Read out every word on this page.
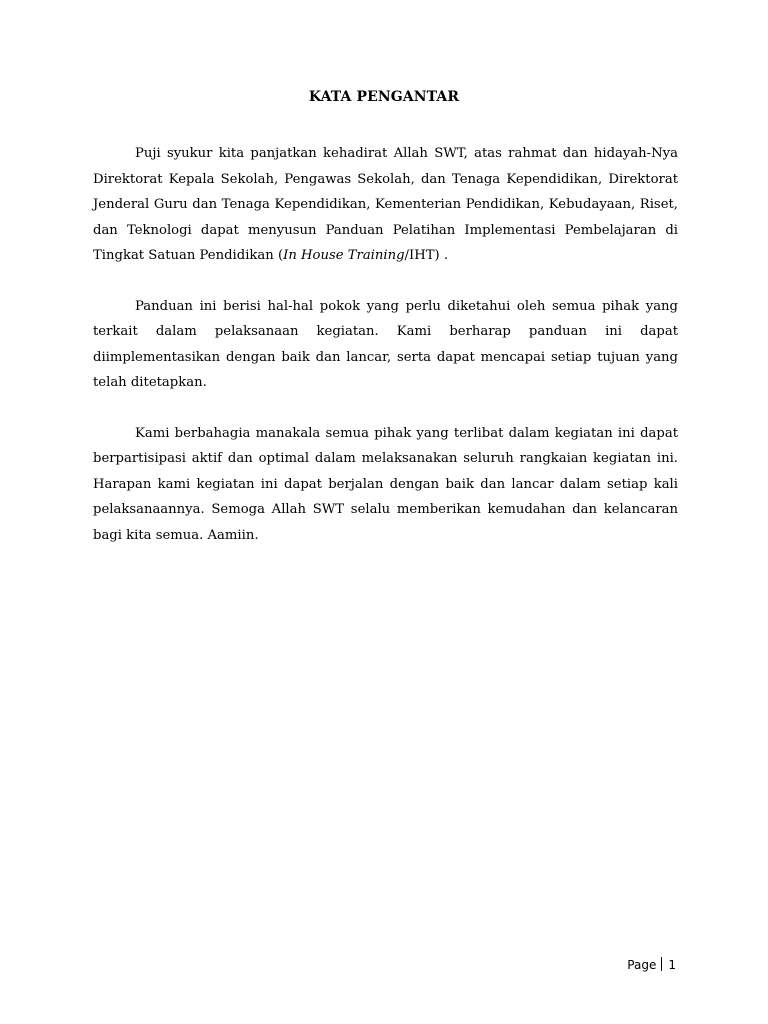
KATA PENGANTAR

Puji syukur kita panjatkan kehadirat Allah SWT, atas rahmat dan hidayah-Nya Direktorat Kepala Sekolah, Pengawas Sekolah, dan Tenaga Kependidikan, Direktorat Jenderal Guru dan Tenaga Kependidikan, Kementerian Pendidikan, Kebudayaan, Riset, dan Teknologi dapat menyusun Panduan Pelatihan Implementasi Pembelajaran di Tingkat Satuan Pendidikan (In House Training/IHT) .

Panduan ini berisi hal-hal pokok yang perlu diketahui oleh semua pihak yang terkait dalam pelaksanaan kegiatan. Kami berharap panduan ini dapat diimplementasikan dengan baik dan lancar, serta dapat mencapai setiap tujuan yang telah ditetapkan.

Kami berbahagia manakala semua pihak yang terlibat dalam kegiatan ini dapat berpartisipasi aktif dan optimal dalam melaksanakan seluruh rangkaian kegiatan ini. Harapan kami kegiatan ini dapat berjalan dengan baik dan lancar dalam setiap kali pelaksanaannya. Semoga Allah SWT selalu memberikan kemudahan dan kelancaran bagi kita semua. Aamiin.

Page 1
